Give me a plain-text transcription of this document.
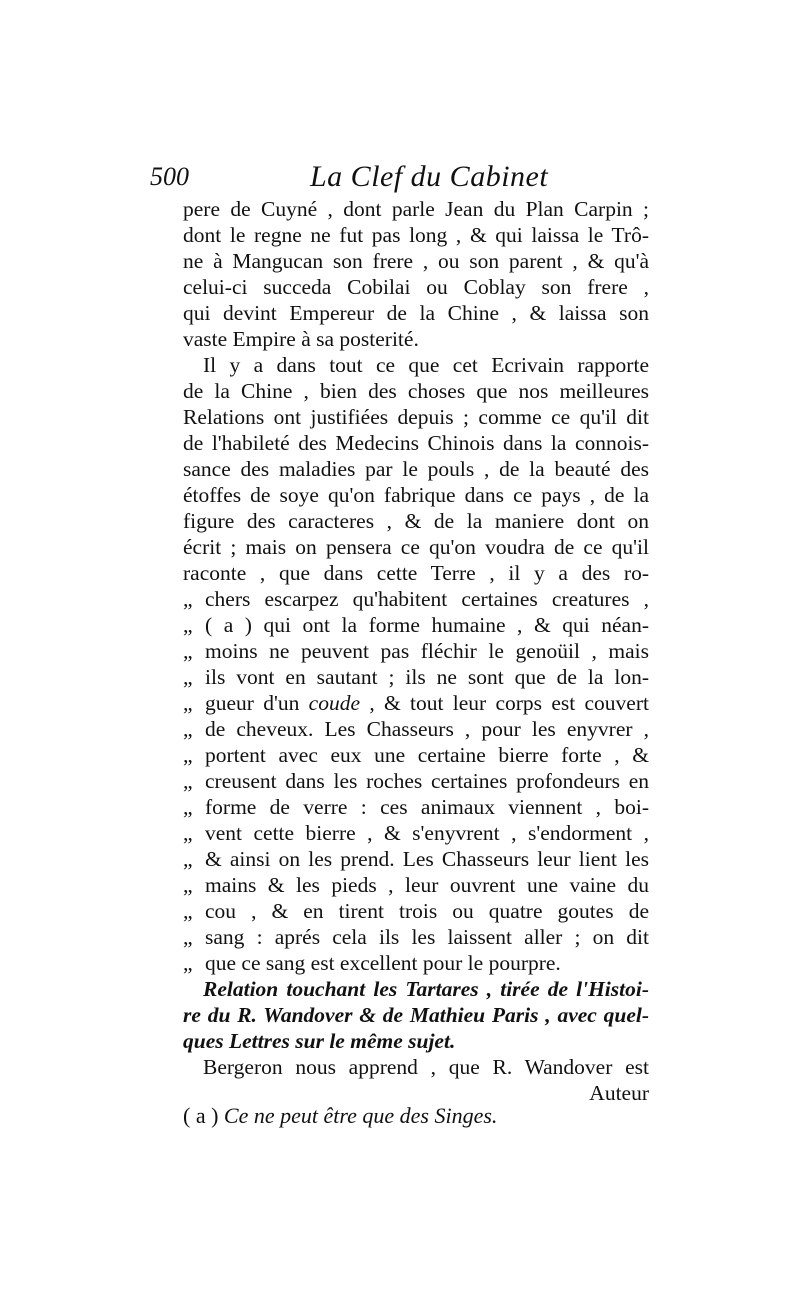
500	La Clef du Cabinet
pere de Cuyné , dont parle Jean du Plan Carpin ;
dont le regne ne fut pas long , & qui laissa le Trô-
ne à Mangucan son frere , ou son parent , & qu'à
celui-ci succeda Cobilai ou Coblay son frere ,
qui devint Empereur de la Chine , & laissa son
vaste Empire à sa posterité.
Il y a dans tout ce que cet Ecrivain rapporte
de la Chine , bien des choses que nos meilleures
Relations ont justifiées depuis ; comme ce qu'il dit
de l'habileté des Medecins Chinois dans la connois-
sance des maladies par le pouls , de la beauté des
étoffes de soye qu'on fabrique dans ce pays , de la
figure des caracteres , & de la maniere dont on
écrit ; mais on pensera ce qu'on voudra de ce qu'il
raconte , que dans cette Terre , il y a des ro-
„ chers escarpez qu'habitent certaines creatures ,
„ ( a ) qui ont la forme humaine , & qui néan-
„ moins ne peuvent pas fléchir le genoüil , mais
„ ils vont en sautant ; ils ne sont que de la lon-
„ gueur d'un coude , & tout leur corps est couvert
„ de cheveux. Les Chasseurs , pour les enyvrer ,
„ portent avec eux une certaine bierre forte , &
„ creusent dans les roches certaines profondeurs en
„ forme de verre : ces animaux viennent , boi-
„ vent cette bierre , & s'enyvrent , s'endorment ,
„ & ainsi on les prend. Les Chasseurs leur lient les
„ mains & les pieds , leur ouvrent une vaine du
„ cou , & en tirent trois ou quatre goutes de
„ sang : aprés cela ils les laissent aller ; on dit
„ que ce sang est excellent pour le pourpre.
Relation touchant les Tartares , tirée de l'Histoi-
re du R. Wandover & de Mathieu Paris , avec quel-
ques Lettres sur le même sujet.
Bergeron nous apprend , que R. Wandover est
Auteur
( a ) Ce ne peut être que des Singes.
